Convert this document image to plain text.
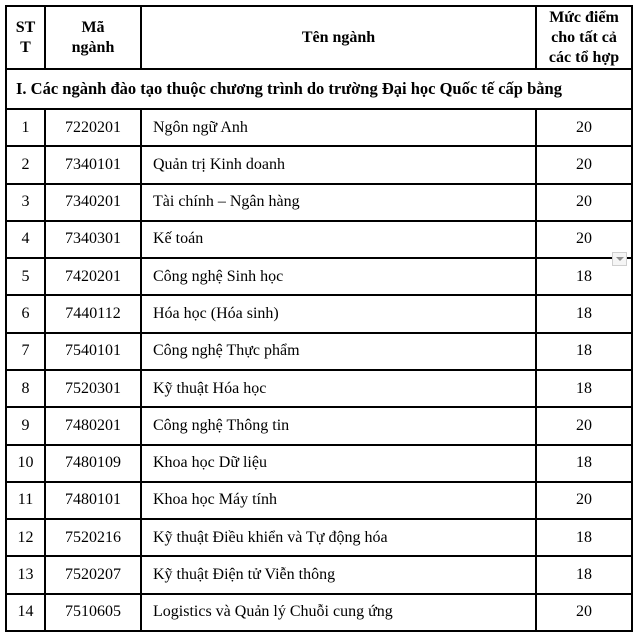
STT	Mã ngành	Tên ngành	Mức điểm cho tất cả các tổ hợp

I. Các ngành đào tạo thuộc chương trình do trường Đại học Quốc tế cấp bằng			
1	7220201	Ngôn ngữ Anh	20
2	7340101	Quản trị Kinh doanh	20
3	7340201	Tài chính – Ngân hàng	20
4	7340301	Kế toán	20
5	7420201	Công nghệ Sinh học	18
6	7440112	Hóa học (Hóa sinh)	18
7	7540101	Công nghệ Thực phẩm	18
8	7520301	Kỹ thuật Hóa học	18
9	7480201	Công nghệ Thông tin	20
10	7480109	Khoa học Dữ liệu	18
11	7480101	Khoa học Máy tính	20
12	7520216	Kỹ thuật Điều khiển và Tự động hóa	18
13	7520207	Kỹ thuật Điện tử Viễn thông	18
14	7510605	Logistics và Quản lý Chuỗi cung ứng	20
